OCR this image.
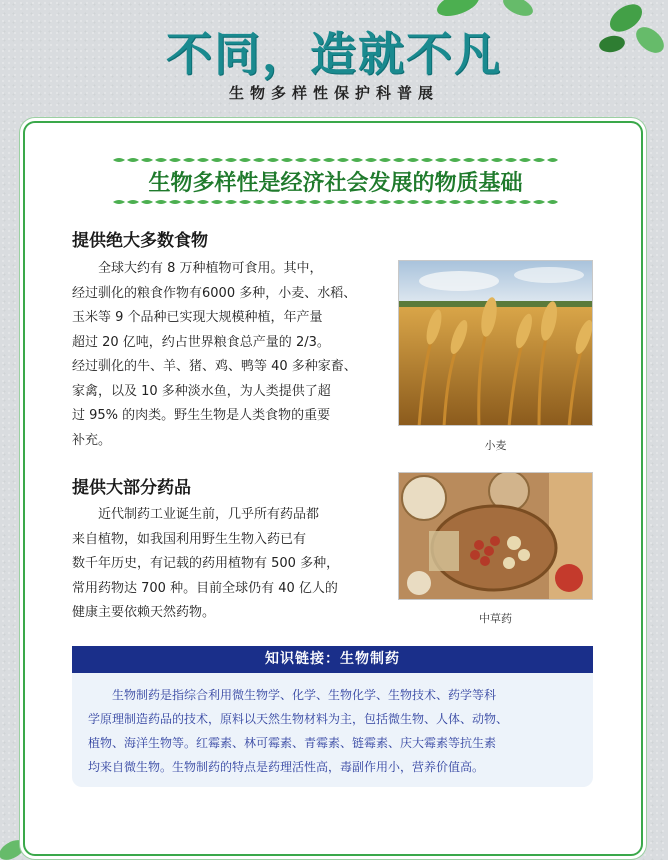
不同，造就不凡
生物多样性保护科普展
生物多样性是经济社会发展的物质基础
提供绝大多数食物
　　全球大约有 8 万种植物可食用。其中，
经过驯化的粮食作物有6000 多种，小麦、水稻、
玉米等 9 个品种已实现大规模种植，年产量
超过 20 亿吨，约占世界粮食总产量的 2/3。
经过驯化的牛、羊、猪、鸡、鸭等 40 多种家畜、
家禽，以及 10 多种淡水鱼，为人类提供了超
过 95% 的肉类。野生生物是人类食物的重要
补充。	小麦
提供大部分药品
　　近代制药工业诞生前，几乎所有药品都
来自植物，如我国利用野生生物入药已有
数千年历史，有记载的药用植物有 500 多种，
常用药物达 700 种。目前全球仍有 40 亿人的
健康主要依赖天然药物。	中草药
知识链接：生物制药
　　生物制药是指综合利用微生物学、化学、生物化学、生物技术、药学等科
学原理制造药品的技术，原料以天然生物材料为主，包括微生物、人体、动物、
植物、海洋生物等。红霉素、林可霉素、青霉素、链霉素、庆大霉素等抗生素
均来自微生物。生物制药的特点是药理活性高，毒副作用小，营养价值高。
